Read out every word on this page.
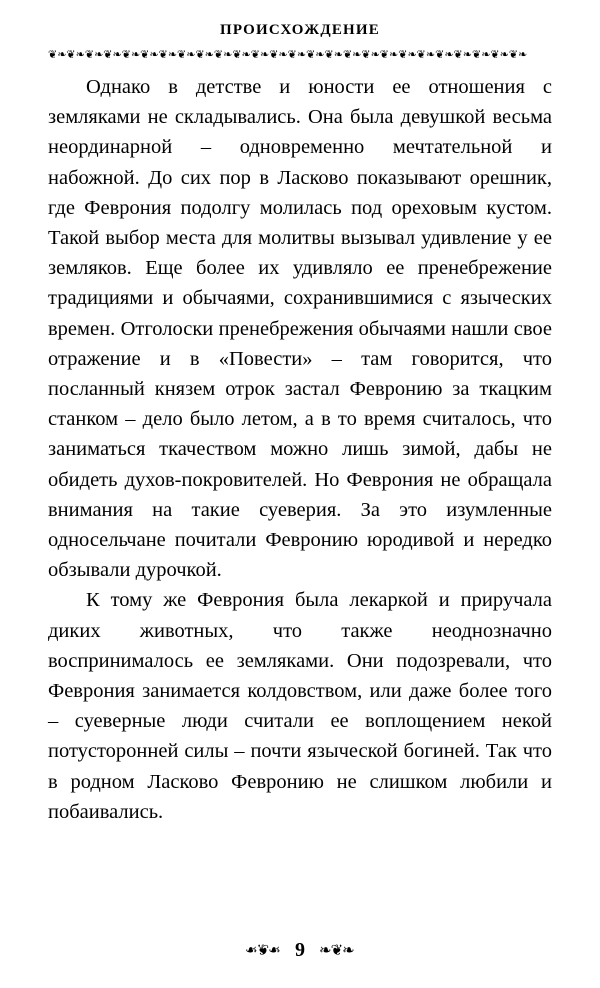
ПРОИСХОЖДЕНИЕ
❦❧❦❧❦❧❦❧❦❧❦❧❦❧❦❧❦❧❦❧❦❧❦❧❦❧❦❧❦❧❦❧❦❧❦❧❦❧❦❧❦❧❦❧❦❧❦❧❦❧❦❧

Однако в детстве и юности ее отношения с земляками не складывались. Она была девушкой весьма неординарной – одновременно мечтательной и набожной. До сих пор в Ласково показывают орешник, где Феврония подолгу молилась под ореховым кустом. Такой выбор места для молитвы вызывал удивление у ее земляков. Еще более их удивляло ее пренебрежение традициями и обычаями, сохранившимися с языческих времен. Отголоски пренебрежения обычаями нашли свое отражение и в «Повести» – там говорится, что посланный князем отрок застал Февронию за ткацким станком – дело было летом, а в то время считалось, что заниматься ткачеством можно лишь зимой, дабы не обидеть духов-покровителей. Но Феврония не обращала внимания на такие суеверия. За это изумленные односельчане почитали Февронию юродивой и нередко обзывали дурочкой.

К тому же Феврония была лекаркой и приручала диких животных, что также неоднозначно воспринималось ее земляками. Они подозревали, что Феврония занимается колдовством, или даже более того – суеверные люди считали ее воплощением некой потусторонней силы – почти языческой богиней. Так что в родном Ласково Февронию не слишком любили и побаивались.

❧❦❧ 9 ❧❦❧
